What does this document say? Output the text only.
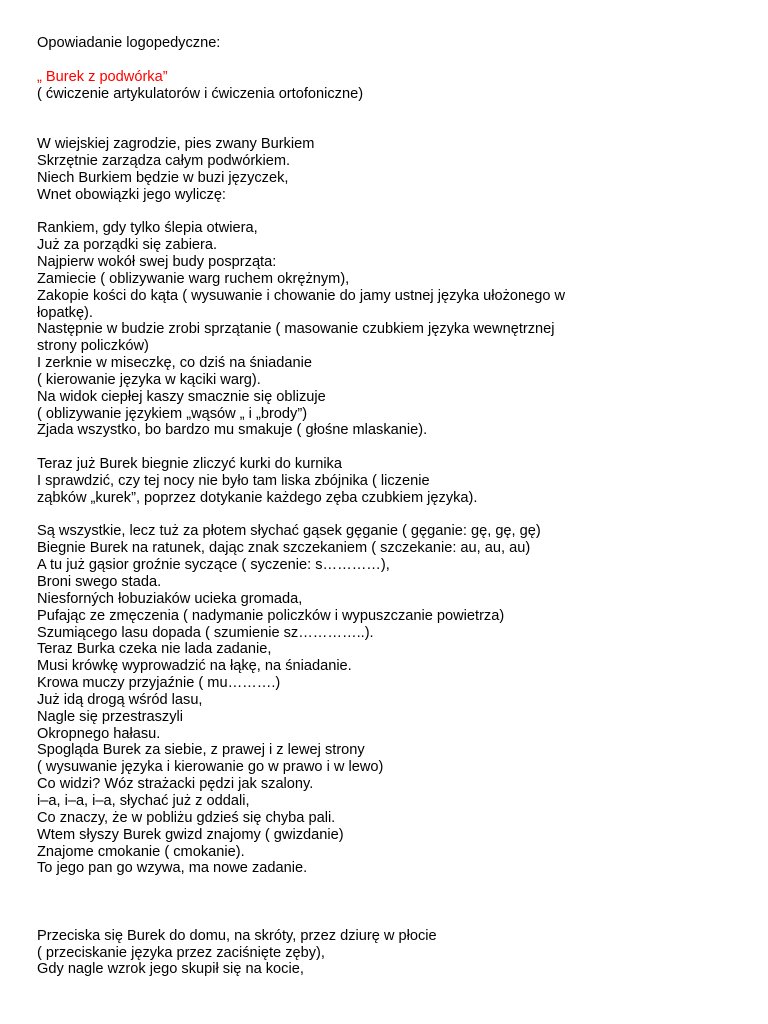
Opowiadanie logopedyczne:
„ Burek z podwórka”
( ćwiczenie artykulatorów i ćwiczenia ortofoniczne)
W wiejskiej zagrodzie, pies zwany Burkiem
Skrzętnie zarządza całym podwórkiem.
Niech Burkiem będzie w buzi języczek,
Wnet obowiązki jego wyliczę:
Rankiem, gdy tylko ślepia otwiera,
Już za porządki się zabiera.
Najpierw wokół swej budy posprząta:
Zamiecie ( oblizywanie warg ruchem okrężnym),
Zakopie kości do kąta ( wysuwanie i chowanie do jamy ustnej języka ułożonego w łopatkę).
Następnie w budzie zrobi sprzątanie ( masowanie czubkiem języka wewnętrznej strony policzków)
I zerknie w miseczkę, co dziś na śniadanie
( kierowanie języka w kąciki warg).
Na widok ciepłej kaszy smacznie się oblizuje
( oblizywanie językiem „wąsów „ i „brody”)
Zjada wszystko, bo bardzo mu smakuje ( głośne mlaskanie).
Teraz już Burek biegnie zliczyć kurki do kurnika
I sprawdzić, czy tej nocy nie było tam liska zbójnika ( liczenie
ząbków „kurek”, poprzez dotykanie każdego zęba czubkiem języka).
Są wszystkie, lecz tuż za płotem słychać gąsek gęganie ( gęganie: gę, gę, gę)
Biegnie Burek na ratunek, dając znak szczekaniem ( szczekanie: au, au, au)
A tu już gąsior groźnie syczące ( syczenie: s…………),
Broni swego stada.
Niesforných łobuziaków ucieka gromada,
Pufając ze zmęczenia ( nadymanie policzków i wypuszczanie powietrza)
Szumiącego lasu dopada ( szumienie sz…………..).
Teraz Burka czeka nie lada zadanie,
Musi krówkę wyprowadzić na łąkę, na śniadanie.
Krowa muczy przyjaźnie ( mu……….)
Już idą drogą wśród lasu,
Nagle się przestraszyli
Okropnego hałasu.
Spogląda Burek za siebie, z prawej i z lewej strony
( wysuwanie języka i kierowanie go w prawo i w lewo)
Co widzi? Wóz strażacki pędzi jak szalony.
i–a, i–a, i–a, słychać już z oddali,
Co znaczy, że w pobliżu gdzieś się chyba pali.
Wtem słyszy Burek gwizd znajomy ( gwizdanie)
Znajome cmokanie ( cmokanie).
To jego pan go wzywa, ma nowe zadanie.
Przeciska się Burek do domu, na skróty, przez dziurę w płocie
( przeciskanie języka przez zaciśnięte zęby),
Gdy nagle wzrok jego skupił się na kocie,
